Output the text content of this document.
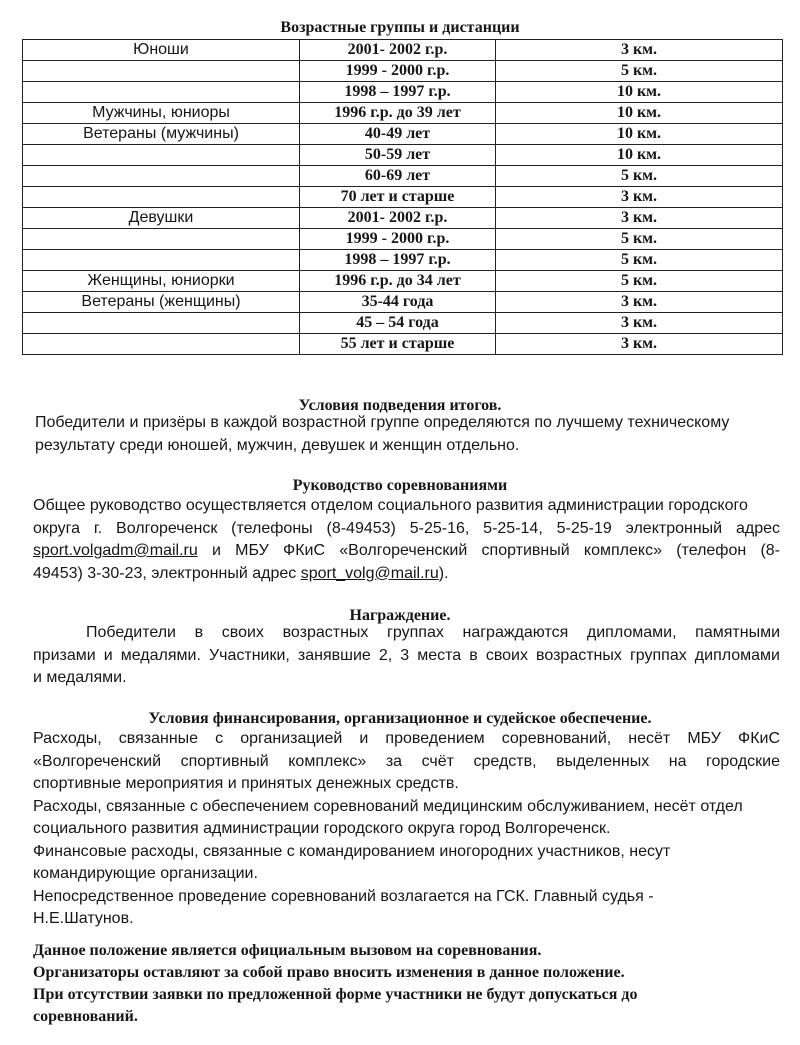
Возрастные группы и дистанции
Юноши	2001- 2002 г.р.	3 км.
	1999 - 2000 г.р.	5 км.
	1998 – 1997 г.р.	10 км.
Мужчины, юниоры	1996 г.р. до 39 лет	10 км.
Ветераны (мужчины)	40-49 лет	10 км.
	50-59 лет	10 км.
	60-69 лет	5 км.
	70 лет и старше	3 км.
Девушки	2001- 2002 г.р.	3 км.
	1999 - 2000 г.р.	5 км.
	1998 – 1997 г.р.	5 км.
Женщины, юниорки	1996 г.р. до 34 лет	5 км.
Ветераны (женщины)	35-44 года	3 км.
	45 – 54 года	3 км.
	55 лет и старше	3 км.
Условия подведения итогов.
Победители и призёры в каждой возрастной группе определяются по лучшему техническому
результату среди юношей, мужчин, девушек и женщин отдельно.
Руководство соревнованиями
Общее руководство осуществляется отделом социального развития администрации городского
округа г. Волгореченск (телефоны (8-49453) 5-25-16, 5-25-14, 5-25-19 электронный адрес
sport.volgadm@mail.ru и МБУ ФКиС «Волгореченский спортивный комплекс» (телефон (8-
49453) 3-30-23, электронный адрес sport_volg@mail.ru).
Награждение.
Победители в своих возрастных группах награждаются дипломами, памятными
призами и медалями. Участники, занявшие 2, 3 места в своих возрастных группах дипломами
и медалями.
Условия финансирования, организационное и судейское обеспечение.
Расходы, связанные с организацией и проведением соревнований, несёт МБУ ФКиС
«Волгореченский спортивный комплекс» за счёт средств, выделенных на городские
спортивные мероприятия и принятых денежных средств.
Расходы, связанные с обеспечением соревнований медицинским обслуживанием, несёт отдел
социального развития администрации городского округа город Волгореченск.
Финансовые расходы, связанные с командированием иногородних участников, несут
командирующие организации.
Непосредственное проведение соревнований возлагается на ГСК. Главный судья -
Н.Е.Шатунов.
Данное положение является официальным вызовом на соревнования.
Организаторы оставляют за собой право вносить изменения в данное положение.
При отсутствии заявки по предложенной форме участники не будут допускаться до
соревнований.
